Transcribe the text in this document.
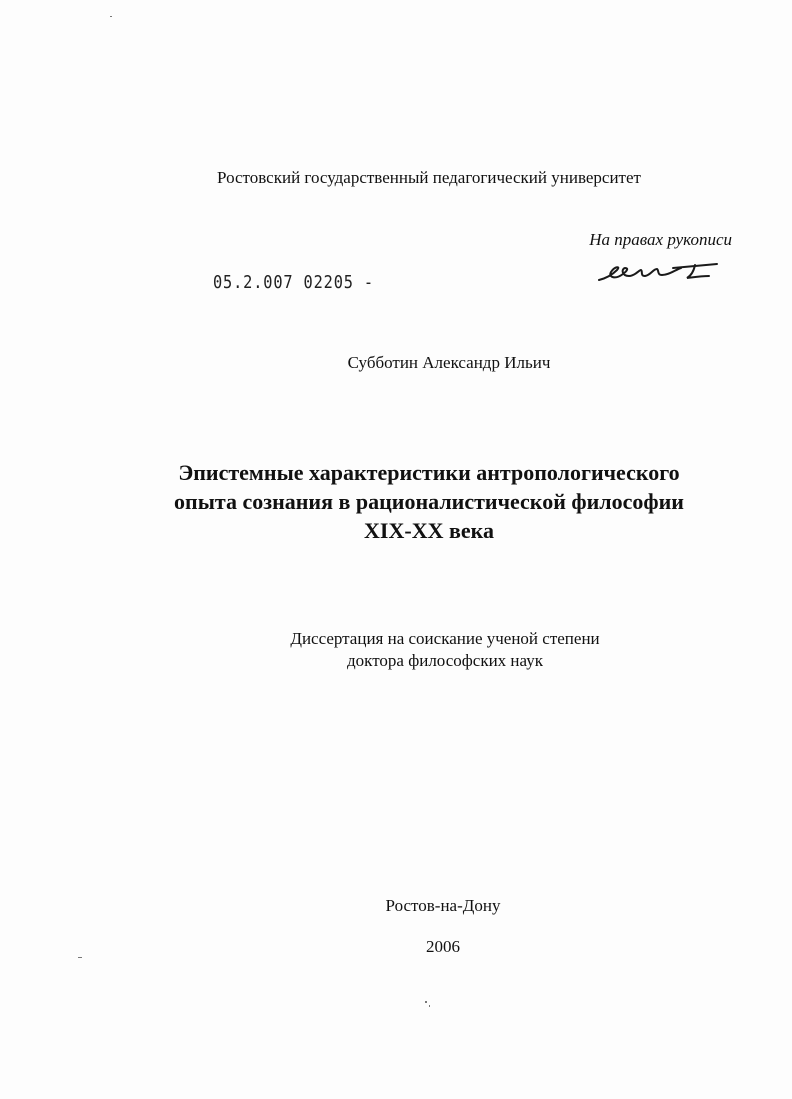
Ростовский государственный педагогический университет
На правах рукописи
05.2.007 02205 -
Субботин Александр Ильич
Эпистемные характеристики антропологического
опыта сознания в рационалистической философии
XIX-XX века
Диссертация на соискание ученой степени
доктора философских наук
Ростов-на-Дону
2006
